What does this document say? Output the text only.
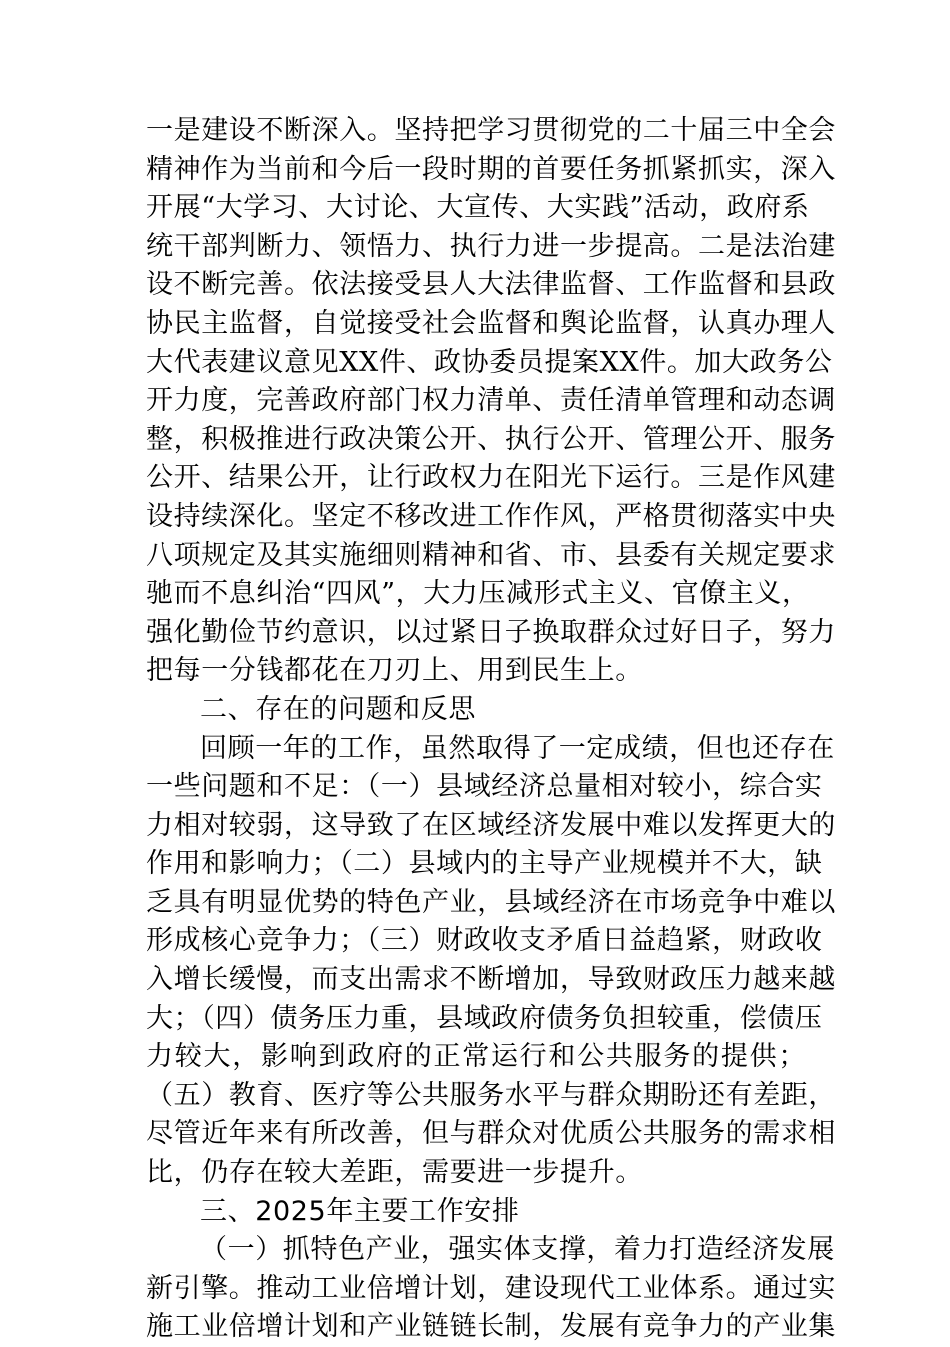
一是建设不断深入。坚持把学习贯彻党的二十届三中全会
精神作为当前和今后一段时期的首要任务抓紧抓实，深入
开展“大学习、大讨论、大宣传、大实践”活动，政府系
统干部判断力、领悟力、执行力进一步提高。二是法治建
设不断完善。依法接受县人大法律监督、工作监督和县政
协民主监督，自觉接受社会监督和舆论监督，认真办理人
大代表建议意见XX件、政协委员提案XX件。加大政务公
开力度，完善政府部门权力清单、责任清单管理和动态调
整，积极推进行政决策公开、执行公开、管理公开、服务
公开、结果公开，让行政权力在阳光下运行。三是作风建
设持续深化。坚定不移改进工作作风，严格贯彻落实中央
八项规定及其实施细则精神和省、市、县委有关规定要求
驰而不息纠治“四风”，大力压减形式主义、官僚主义，
强化勤俭节约意识，以过紧日子换取群众过好日子，努力
把每一分钱都花在刀刃上、用到民生上。
二、存在的问题和反思
回顾一年的工作，虽然取得了一定成绩，但也还存在
一些问题和不足：（一）县域经济总量相对较小，综合实
力相对较弱，这导致了在区域经济发展中难以发挥更大的
作用和影响力；（二）县域内的主导产业规模并不大，缺
乏具有明显优势的特色产业，县域经济在市场竞争中难以
形成核心竞争力；（三）财政收支矛盾日益趋紧，财政收
入增长缓慢，而支出需求不断增加，导致财政压力越来越
大；（四）债务压力重，县域政府债务负担较重，偿债压
力较大，影响到政府的正常运行和公共服务的提供；
（五）教育、医疗等公共服务水平与群众期盼还有差距，
尽管近年来有所改善，但与群众对优质公共服务的需求相
比，仍存在较大差距，需要进一步提升。
三、2025年主要工作安排
（一）抓特色产业，强实体支撑，着力打造经济发展
新引擎。推动工业倍增计划，建设现代工业体系。通过实
施工业倍增计划和产业链链长制，发展有竞争力的产业集
